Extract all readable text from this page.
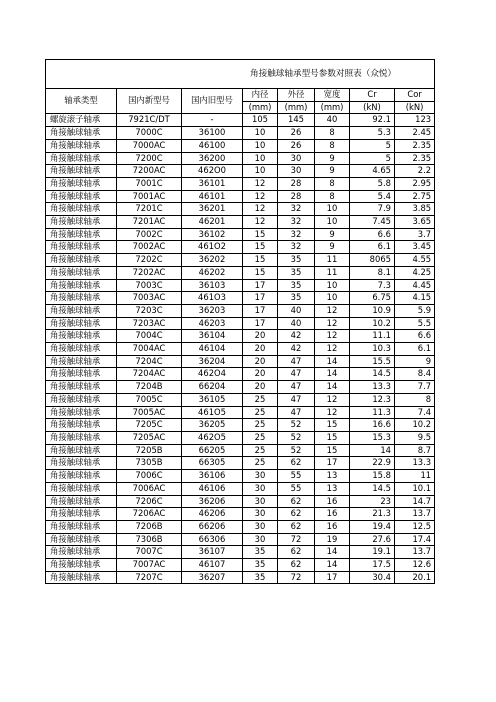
角接触球轴承型号参数对照表（众悦）							
轴承类型	国内新型号	国内旧型号	内径	外径	宽度	Cr	Cor
			(mm)	(mm)	(mm)	(kN)	(kN)
螺旋滚子轴承	7921C/DT	-	105	145	40	92.1	123
角接触球轴承	7000C	36100	10	26	8	5.3	2.45
角接触球轴承	7000AC	46100	10	26	8	5	2.35
角接触球轴承	7200C	36200	10	30	9	5	2.35
角接触球轴承	7200AC	462O0	10	30	9	4.65	2.2
角接触球轴承	7001C	36101	12	28	8	5.8	2.95
角接触球轴承	7001AC	46101	12	28	8	5.4	2.75
角接触球轴承	7201C	36201	12	32	10	7.9	3.85
角接触球轴承	7201AC	46201	12	32	10	7.45	3.65
角接触球轴承	7002C	36102	15	32	9	6.6	3.7
角接触球轴承	7002AC	461O2	15	32	9	6.1	3.45
角接触球轴承	7202C	36202	15	35	11	8065	4.55
角接触球轴承	7202AC	46202	15	35	11	8.1	4.25
角接触球轴承	7003C	36103	17	35	10	7.3	4.45
角接触球轴承	7003AC	461O3	17	35	10	6.75	4.15
角接触球轴承	7203C	36203	17	40	12	10.9	5.9
角接触球轴承	7203AC	46203	17	40	12	10.2	5.5
角接触球轴承	7004C	36104	20	42	12	11.1	6.6
角接触球轴承	7004AC	46104	20	42	12	10.3	6.1
角接触球轴承	7204C	36204	20	47	14	15.5	9
角接触球轴承	7204AC	462O4	20	47	14	14.5	8.4
角接触球轴承	7204B	66204	20	47	14	13.3	7.7
角接触球轴承	7005C	36105	25	47	12	12.3	8
角接触球轴承	7005AC	461O5	25	47	12	11.3	7.4
角接触球轴承	7205C	36205	25	52	15	16.6	10.2
角接触球轴承	7205AC	462O5	25	52	15	15.3	9.5
角接触球轴承	7205B	66205	25	52	15	14	8.7
角接触球轴承	7305B	66305	25	62	17	22.9	13.3
角接触球轴承	7006C	36106	30	55	13	15.8	11
角接触球轴承	7006AC	46106	30	55	13	14.5	10.1
角接触球轴承	7206C	36206	30	62	16	23	14.7
角接触球轴承	7206AC	46206	30	62	16	21.3	13.7
角接触球轴承	7206B	66206	30	62	16	19.4	12.5
角接触球轴承	7306B	66306	30	72	19	27.6	17.4
角接触球轴承	7007C	36107	35	62	14	19.1	13.7
角接触球轴承	7007AC	46107	35	62	14	17.5	12.6
角接触球轴承	7207C	36207	35	72	17	30.4	20.1
